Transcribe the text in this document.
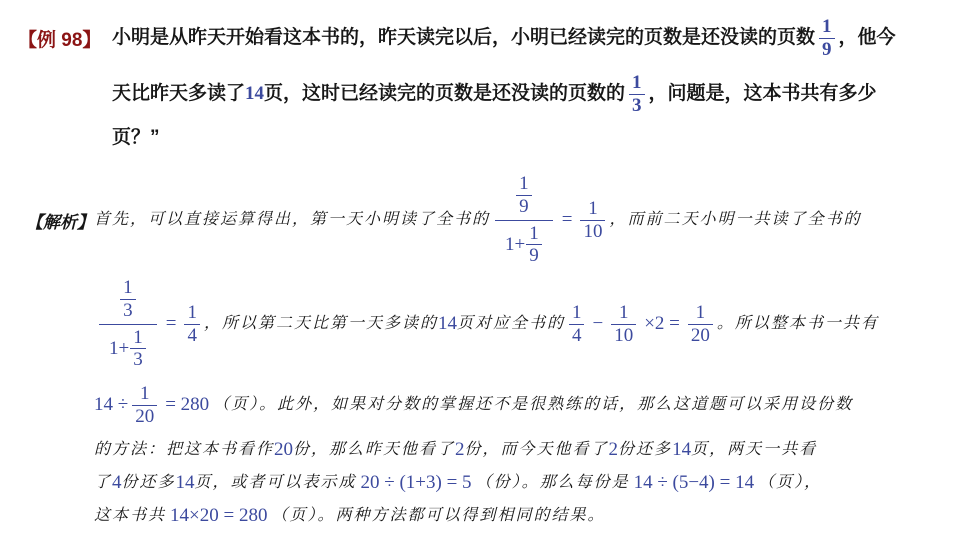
【例 98】 小明是从昨天开始看这本书的，昨天读完以后，小明已经读完的页数是还没读的页数 $\frac{1}{9}$ ，他今
天比昨天多读了 14 页，这时已经读完的页数是还没读的页数的 $\frac{1}{3}$ ，问题是，这本书共有多少
页？”
【解析】 首先，可以直接运算得出，第一天小明读了全书的 $\frac{\frac{1}{9}}{1+ \frac{1}{9}} = \frac{1}{10}$ ，而前二天小明一共读了全书的
$\frac{\frac{1}{3}}{1+ \frac{1}{3}} = \frac{1}{4}$ ，所以第二天比第一天多读的 14 页对应全书的 $\frac{1}{4} - \frac{1}{10} \times 2 = \frac{1}{20}$ 。所以整本书一共有
$14 \div \frac{1}{20} = 280$ （页）。此外，如果对分数的掌握还不是很熟练的话，那么这道题可以采用设份数
的方法：把这本书看作 20 份，那么昨天他看了 2 份，而今天他看了 2 份还多 14 页，两天一共看
了 4 份还多 14 页，或者可以表示成 20 ÷ (1+3) = 5 （份）。那么每份是 14 ÷ (5−4) = 14 （页），
这本书共 14×20 = 280 （页）。两种方法都可以得到相同的结果。
